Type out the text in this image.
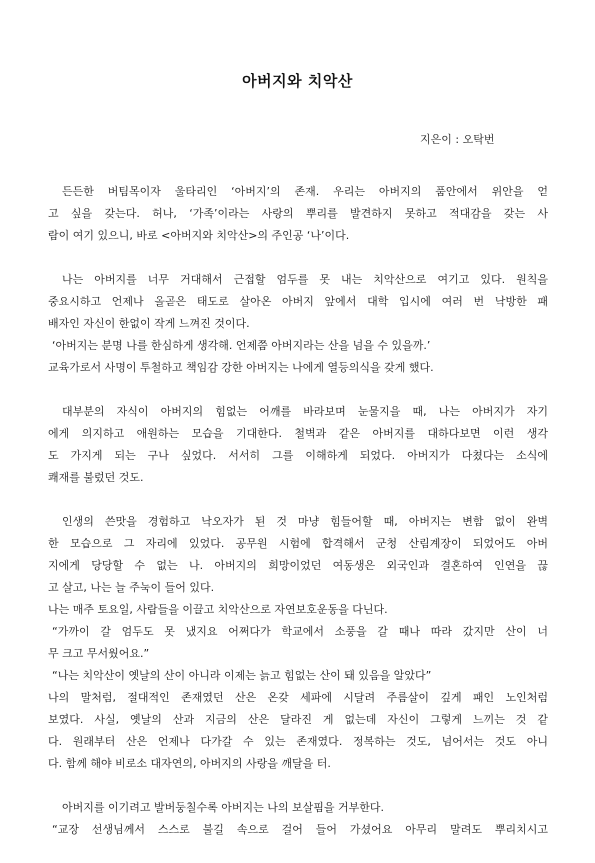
아버지와 치악산
지은이 : 오탁번
든든한 버팀목이자 울타리인 ‘아버지’의 존재. 우리는 아버지의 품안에서 위안을 얻
고 싶을 갖는다. 허나, ‘가족’이라는 사랑의 뿌리를 발견하지 못하고 적대감을 갖는 사
람이 여기 있으니, 바로 <아버지와 치악산>의 주인공 ‘나’이다.
나는 아버지를 너무 거대해서 근접할 엄두를 못 내는 치악산으로 여기고 있다. 원칙을
중요시하고 언제나 올곧은 태도로 살아온 아버지 앞에서 대학 입시에 여러 번 낙방한 패
배자인 자신이 한없이 작게 느껴진 것이다.
‘아버지는 분명 나를 한심하게 생각해. 언제쯤 아버지라는 산을 넘을 수 있을까.’
교육가로서 사명이 투철하고 책임감 강한 아버지는 나에게 열등의식을 갖게 했다.
대부분의 자식이 아버지의 힘없는 어깨를 바라보며 눈물지을 때, 나는 아버지가 자기
에게 의지하고 애원하는 모습을 기대한다. 철벽과 같은 아버지를 대하다보면 이런 생각
도 가지게 되는 구나 싶었다. 서서히 그를 이해하게 되었다. 아버지가 다쳤다는 소식에
쾌재를 불렀던 것도.
인생의 쓴맛을 경험하고 낙오자가 된 것 마냥 힘들어할 때, 아버지는 변함 없이 완벽
한 모습으로 그 자리에 있었다. 공무원 시험에 합격해서 군청 산림계장이 되었어도 아버
지에게 당당할 수 없는 나. 아버지의 희망이었던 여동생은 외국인과 결혼하여 인연을 끊
고 살고, 나는 늘 주눅이 들어 있다.
나는 매주 토요일, 사람들을 이끌고 치악산으로 자연보호운동을 다닌다.
“가까이 갈 엄두도 못 냈지요 어쩌다가 학교에서 소풍을 갈 때나 따라 갔지만 산이 너
무 크고 무서웠어요.”
“나는 치악산이 옛날의 산이 아니라 이제는 늙고 힘없는 산이 돼 있음을 알았다”
나의 말처럼, 절대적인 존재였던 산은 온갖 세파에 시달려 주름살이 깊게 패인 노인처럼
보였다. 사실, 옛날의 산과 지금의 산은 달라진 게 없는데 자신이 그렇게 느끼는 것 같
다. 원래부터 산은 언제나 다가갈 수 있는 존재였다. 정복하는 것도, 넘어서는 것도 아니
다. 함께 해야 비로소 대자연의, 아버지의 사랑을 깨달을 터.
아버지를 이기려고 발버둥칠수록 아버지는 나의 보살핌을 거부한다.
“교장 선생님께서 스스로 불길 속으로 걸어 들어 가셨어요 아무리 말려도 뿌리치시고
